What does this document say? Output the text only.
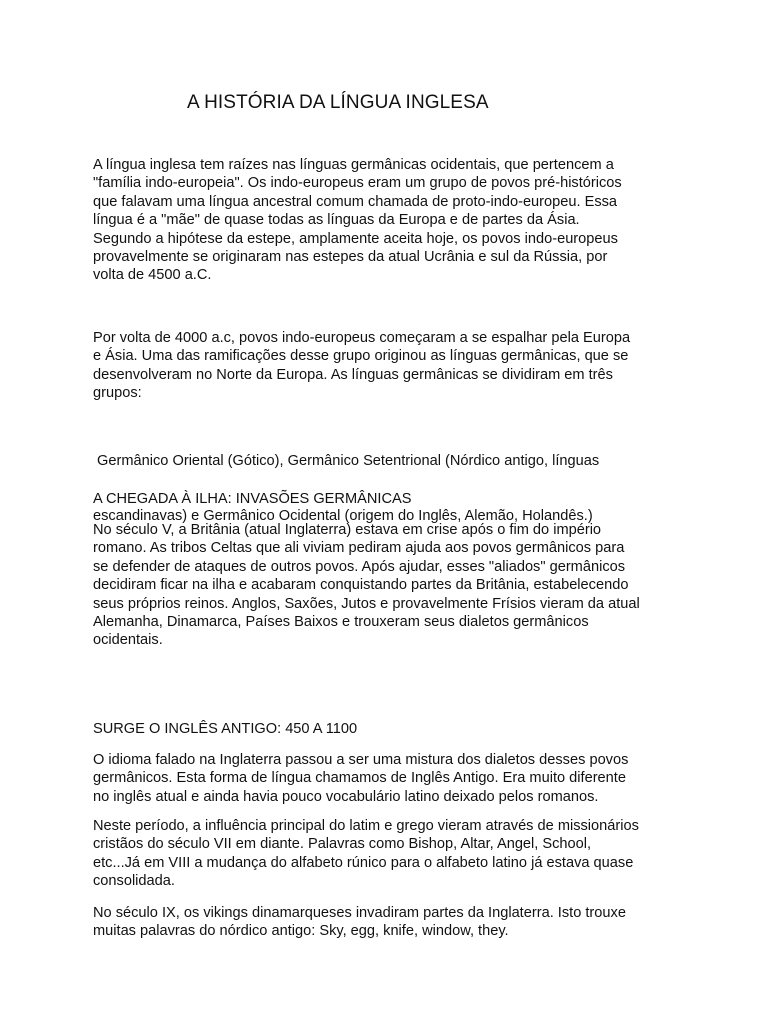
A HISTÓRIA DA LÍNGUA INGLESA

A língua inglesa tem raízes nas línguas germânicas ocidentais, que pertencem a
"família indo-europeia". Os indo-europeus eram um grupo de povos pré-históricos
que falavam uma língua ancestral comum chamada de proto-indo-europeu. Essa
língua é a "mãe" de quase todas as línguas da Europa e de partes da Ásia.
Segundo a hipótese da estepe, amplamente aceita hoje, os povos indo-europeus
provavelmente se originaram nas estepes da atual Ucrânia e sul da Rússia, por
volta de 4500 a.C.

Por volta de 4000 a.c, povos indo-europeus começaram a se espalhar pela Europa
e Ásia. Uma das ramificações desse grupo originou as línguas germânicas, que se
desenvolveram no Norte da Europa. As línguas germânicas se dividiram em três
grupos:

Germânico Oriental (Gótico), Germânico Setentrional (Nórdico antigo, línguas

escandinavas) e Germânico Ocidental (origem do Inglês, Alemão, Holandês.)

A CHEGADA À ILHA: INVASÕES GERMÂNICAS

No século V, a Britânia (atual Inglaterra) estava em crise após o fim do império
romano. As tribos Celtas que ali viviam pediram ajuda aos povos germânicos para
se defender de ataques de outros povos. Após ajudar, esses "aliados" germânicos
decidiram ficar na ilha e acabaram conquistando partes da Britânia, estabelecendo
seus próprios reinos. Anglos, Saxões, Jutos e provavelmente Frísios vieram da atual
Alemanha, Dinamarca, Países Baixos e trouxeram seus dialetos germânicos
ocidentais.

SURGE O INGLÊS ANTIGO: 450 A 1100

O idioma falado na Inglaterra passou a ser uma mistura dos dialetos desses povos
germânicos. Esta forma de língua chamamos de Inglês Antigo. Era muito diferente
no inglês atual e ainda havia pouco vocabulário latino deixado pelos romanos.

Neste período, a influência principal do latim e grego vieram através de missionários
cristãos do século VII em diante. Palavras como Bishop, Altar, Angel, School,
etc...Já em VIII a mudança do alfabeto rúnico para o alfabeto latino já estava quase
consolidada.

No século IX, os vikings dinamarqueses invadiram partes da Inglaterra. Isto trouxe
muitas palavras do nórdico antigo: Sky, egg, knife, window, they.
